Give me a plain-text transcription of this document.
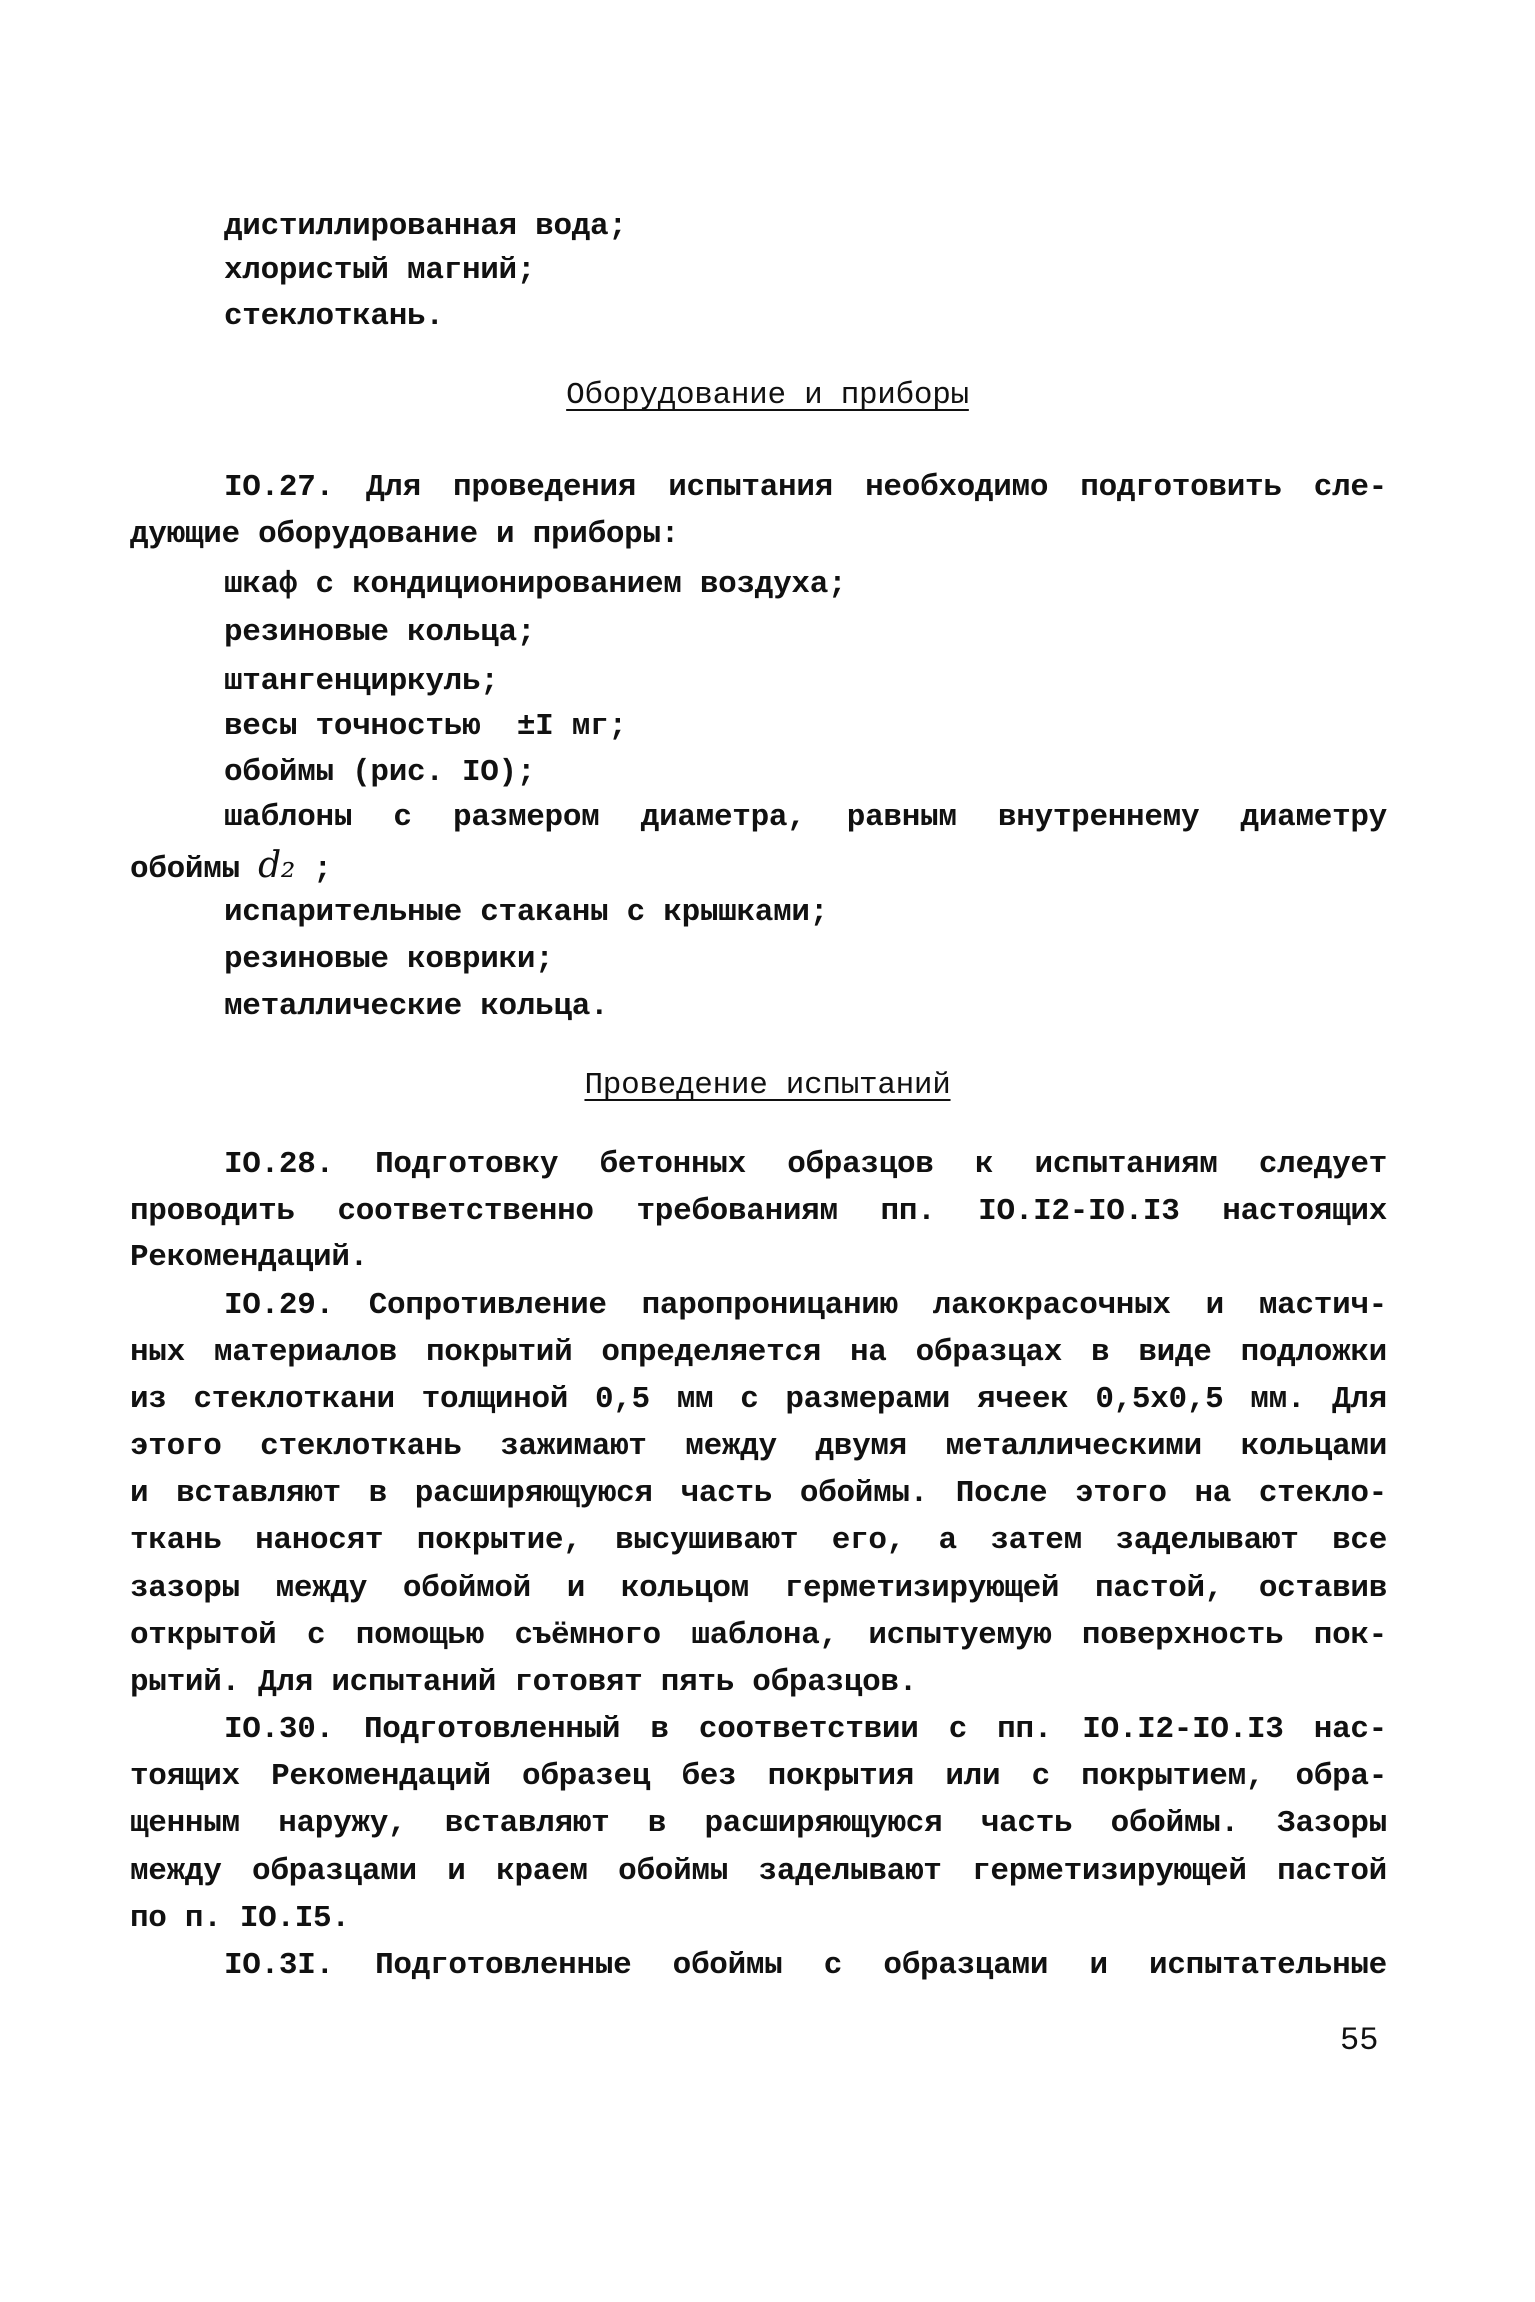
дистиллированная вода;
хлористый магний;
стеклоткань.
Оборудование и приборы
IO.27. Для проведения испытания необходимо подготовить сле-
дующие оборудование и приборы:
шкаф с кондиционированием воздуха;
резиновые кольца;
штангенциркуль;
весы точностью  ±I мг;
обоймы (рис. IO);
шаблоны с размером диаметра, равным внутреннему диаметру
обоймы d₂ ;
испарительные стаканы с крышками;
резиновые коврики;
металлические кольца.
Проведение испытаний
IO.28. Подготовку бетонных образцов к испытаниям следует
проводить соответственно требованиям пп. IO.I2-IO.I3 настоящих
Рекомендаций.
IO.29. Сопротивление паропроницанию лакокрасочных и мастич-
ных материалов покрытий определяется на образцах в виде подложки
из стеклоткани толщиной 0,5 мм с размерами ячеек 0,5х0,5 мм. Для
этого стеклоткань зажимают между двумя металлическими кольцами
и вставляют в расширяющуюся часть обоймы. После этого на стекло-
ткань наносят покрытие, высушивают его, а затем заделывают все
зазоры между обоймой и кольцом герметизирующей пастой, оставив
открытой с помощью съёмного шаблона, испытуемую поверхность пок-
рытий. Для испытаний готовят пять образцов.
IO.30. Подготовленный в соответствии с пп. IO.I2-IO.I3 нас-
тоящих Рекомендаций образец без покрытия или с покрытием, обра-
щенным наружу, вставляют в расширяющуюся часть обоймы. Зазоры
между образцами и краем обоймы заделывают герметизирующей пастой
по п. IO.I5.
IO.3I. Подготовленные обоймы с образцами и испытательные
55
